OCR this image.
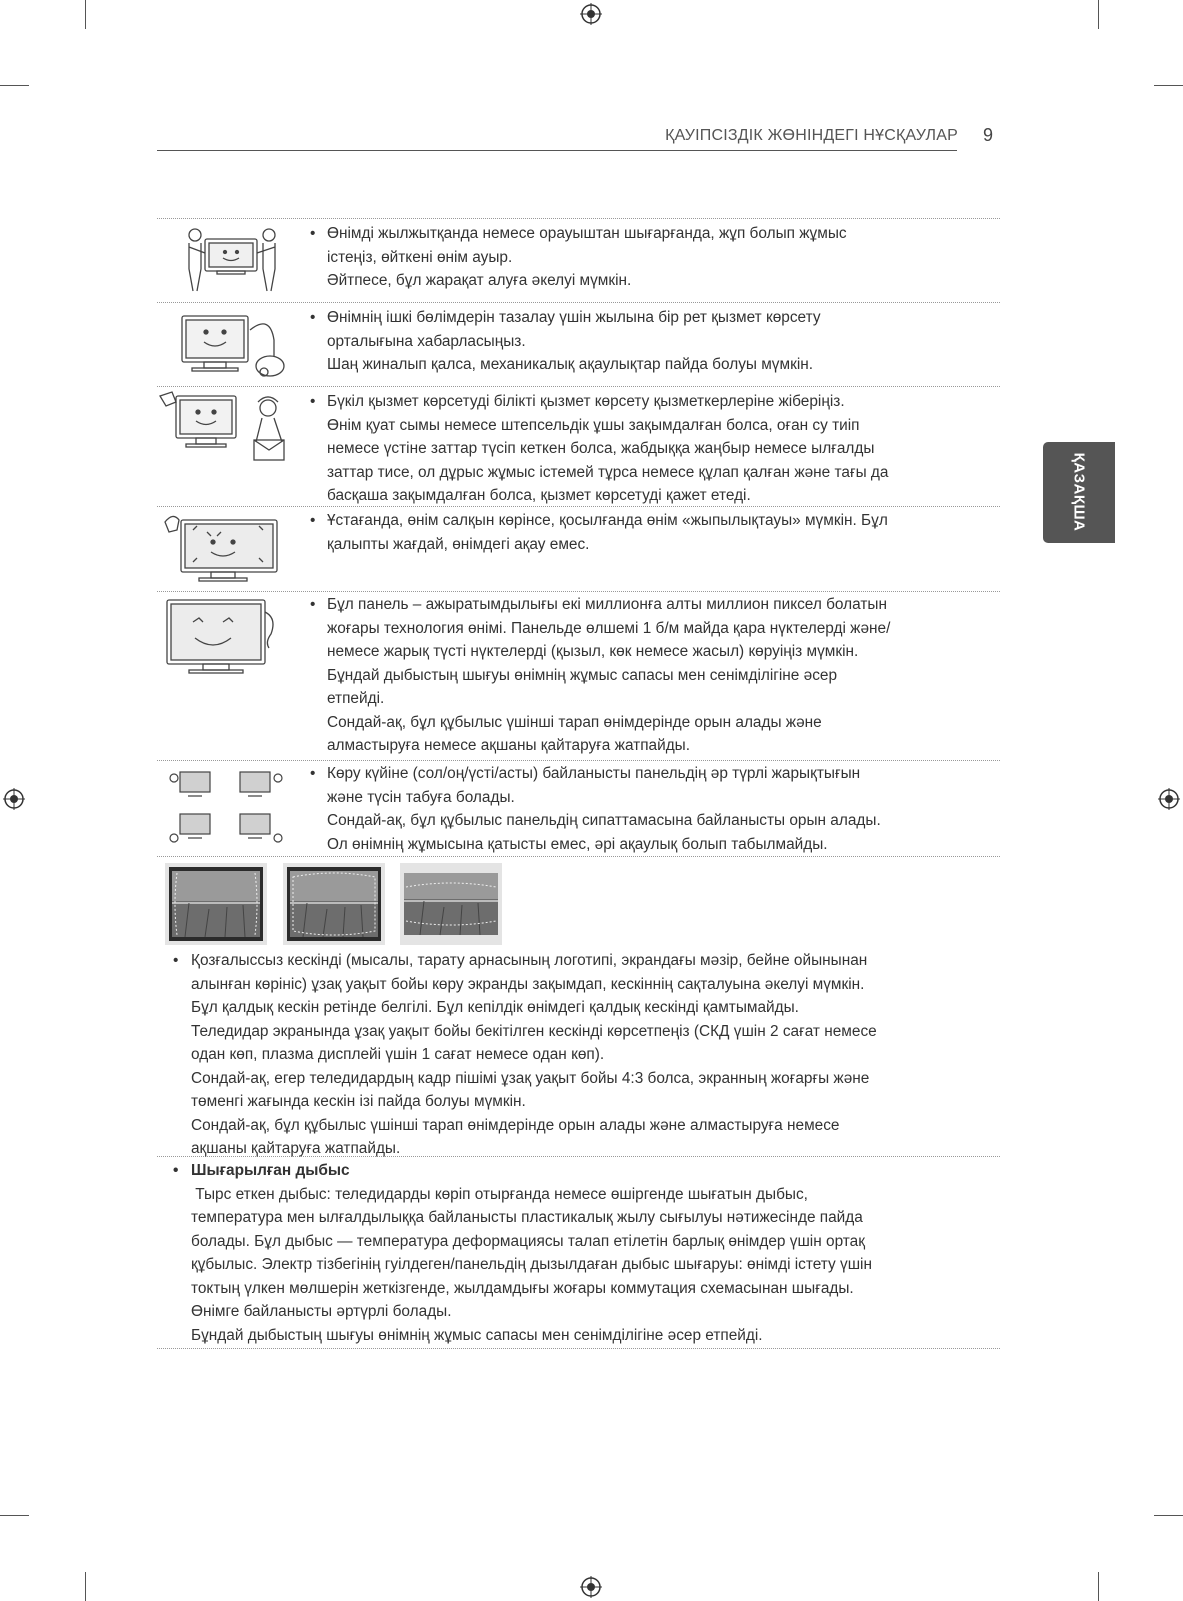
ҚАУІПСІЗДІК ЖӨНІНДЕГІ НҰСҚАУЛАР 9
ҚАЗАҚША
• Өнімді жылжытқанда немесе орауыштан шығарғанда, жұп болып жұмыс

істеңіз, өйткені өнім ауыр.

Әйтпесе, бұл жарақат алуға әкелуі мүмкін.

• Өнімнің ішкі бөлімдерін тазалау үшін жылына бір рет қызмет көрсету

орталығына хабарласыңыз.

Шаң жиналып қалса, механикалық ақаулықтар пайда болуы мүмкін.

• Бүкіл қызмет көрсетуді білікті қызмет көрсету қызметкерлеріне жіберіңіз.

Өнім қуат сымы немесе штепсельдік ұшы зақымдалған болса, оған су тиіп

немесе үстіне заттар түсіп кеткен болса, жабдыққа жаңбыр немесе ылғалды

заттар тисе, ол дұрыс жұмыс істемей тұрса немесе құлап қалған және тағы да

басқаша зақымдалған болса, қызмет көрсетуді қажет етеді.

• Ұстағанда, өнім салқын көрінсе, қосылғанда өнім «жыпылықтауы» мүмкін. Бұл

қалыпты жағдай, өнімдегі ақау емес.

• Бұл панель – ажыратымдылығы екі миллионға алты миллион пиксел болатын

жоғары технология өнімі. Панельде өлшемі 1 б/м майда қара нүктелерді және/

немесе жарық түсті нүктелерді (қызыл, көк немесе жасыл) көруіңіз мүмкін.

Бұндай дыбыстың шығуы өнімнің жұмыс сапасы мен сенімділігіне әсер

етпейді.

Сондай-ақ, бұл құбылыс үшінші тарап өнімдерінде орын алады және

алмастыруға немесе ақшаны қайтаруға жатпайды.

• Көру күйіне (сол/оң/үсті/асты) байланысты панельдің әр түрлі жарықтығын

және түсін табуға болады.

Сондай-ақ, бұл құбылыс панельдің сипаттамасына байланысты орын алады.

Ол өнімнің жұмысына қатысты емес, әрі ақаулық болып табылмайды.

• Қозғалыссыз кескінді (мысалы, тарату арнасының логотипі, экрандағы мәзір, бейне ойынынан

алынған көрініс) ұзақ уақыт бойы көру экранды зақымдап, кескіннің сақталуына әкелуі мүмкін.

Бұл қалдық кескін ретінде белгілі. Бұл кепілдік өнімдегі қалдық кескінді қамтымайды.

Теледидар экранында ұзақ уақыт бойы бекітілген кескінді көрсетпеңіз (СКД үшін 2 сағат немесе

одан көп, плазма дисплейі үшін 1 сағат немесе одан көп).

Сондай-ақ, егер теледидардың кадр пішімі ұзақ уақыт бойы 4:3 болса, экранның жоғарғы және

төменгі жағында кескін ізі пайда болуы мүмкін.

Сондай-ақ, бұл құбылыс үшінші тарап өнімдерінде орын алады және алмастыруға немесе

ақшаны қайтаруға жатпайды.

• Шығарылған дыбыс

Тырс еткен дыбыс: теледидарды көріп отырғанда немесе өшіргенде шығатын дыбыс,

температура мен ылғалдылыққа байланысты пластикалық жылу сығылуы нәтижесінде пайда

болады. Бұл дыбыс — температура деформациясы талап етілетін барлық өнімдер үшін ортақ

құбылыс. Электр тізбегінің гуілдеген/панельдің дызылдаған дыбыс шығаруы: өнімді істету үшін

токтың үлкен мөлшерін жеткізгенде, жылдамдығы жоғары коммутация схемасынан шығады.

Өнімге байланысты әртүрлі болады.

Бұндай дыбыстың шығуы өнімнің жұмыс сапасы мен сенімділігіне әсер етпейді.
